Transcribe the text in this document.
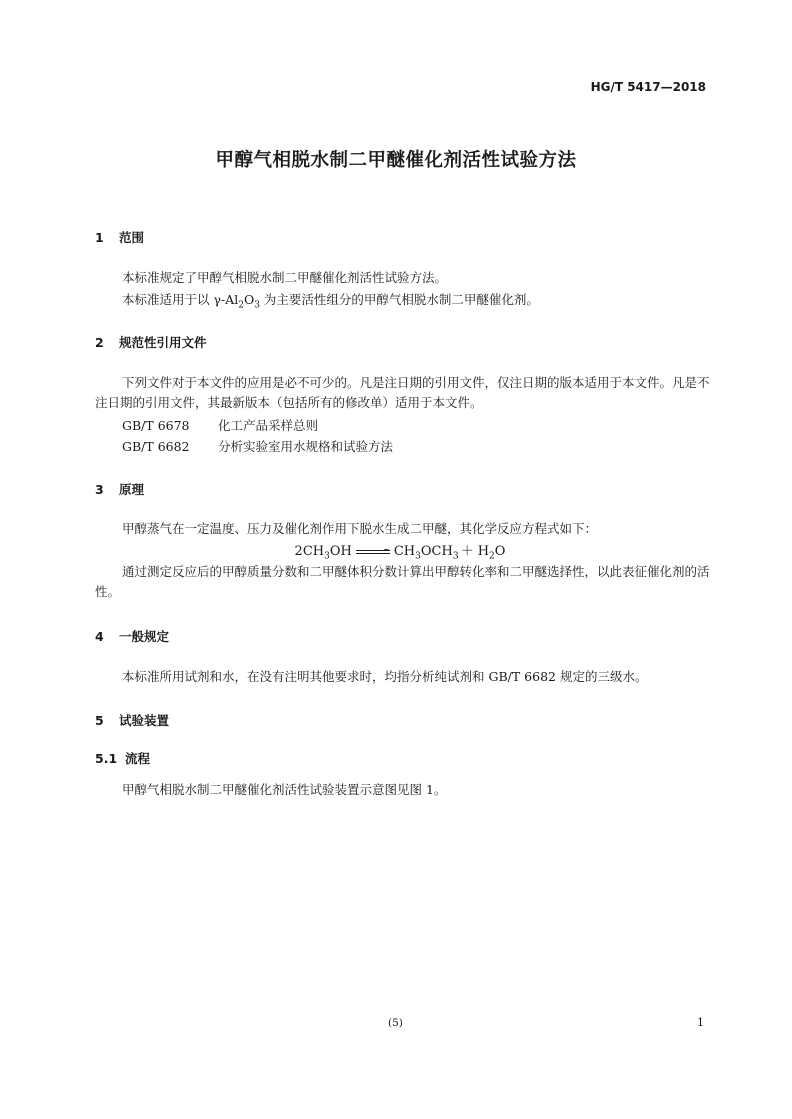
HG/T 5417—2018
甲醇气相脱水制二甲醚催化剂活性试验方法
1 范围
本标准规定了甲醇气相脱水制二甲醚催化剂活性试验方法。
本标准适用于以 $\gamma-Al_2O_3$ 为主要活性组分的甲醇气相脱水制二甲醚催化剂。
2 规范性引用文件
下列文件对于本文件的应用是必不可少的。凡是注日期的引用文件，仅注日期的版本适用于本文件。凡是不注日期的引用文件，其最新版本（包括所有的修改单）适用于本文件。
GB/T 6678 化工产品采样总则
GB/T 6682 分析实验室用水规格和试验方法
3 原理
甲醇蒸气在一定温度、压力及催化剂作用下脱水生成二甲醚，其化学反应方程式如下：
$2CH_3OH$	$CH_3OCH_3 + H_2O$
通过测定反应后的甲醇质量分数和二甲醚体积分数计算出甲醇转化率和二甲醚选择性，以此表征催化剂的活性。
4 一般规定
本标准所用试剂和水，在没有注明其他要求时，均指分析纯试剂和 GB/T 6682 规定的三级水。
5 试验装置
5.1 流程
甲醇气相脱水制二甲醚催化剂活性试验装置示意图见图 1。
(5)	1
